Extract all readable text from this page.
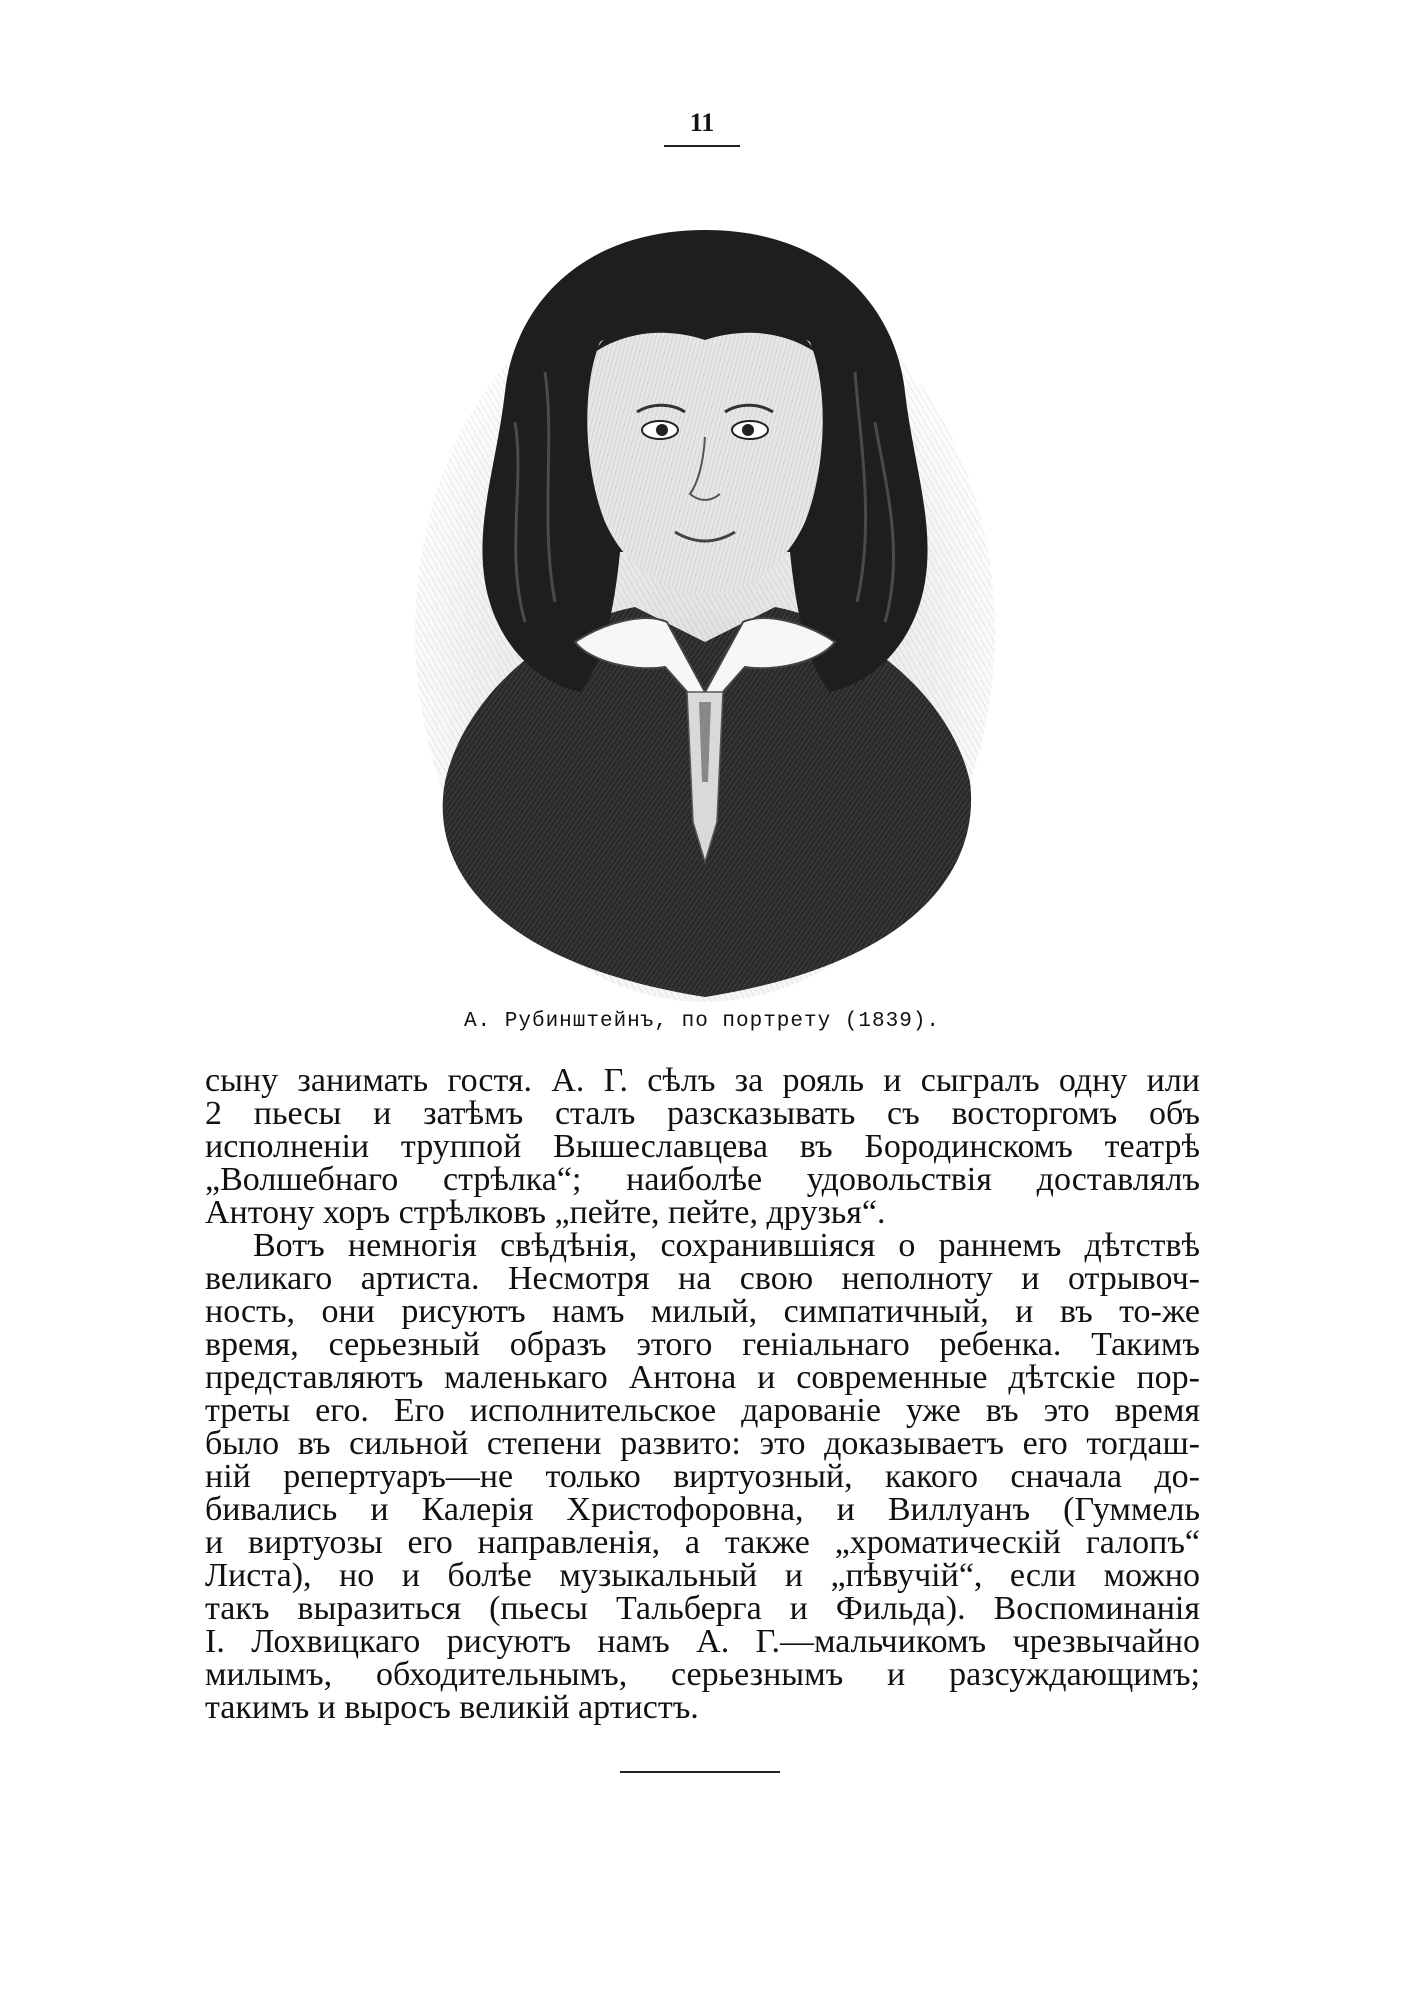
11
А. Рубинштейнъ, по портрету (1839).

сыну занимать гостя. А. Г. сѣлъ за рояль и сыгралъ одну или
2 пьесы и затѣмъ сталъ разсказывать съ восторгомъ объ
исполненіи труппой Вышеславцева въ Бородинскомъ театрѣ
„Волшебнаго стрѣлка“; наиболѣе удовольствія доставлялъ
Антону хоръ стрѣлковъ „пейте, пейте, друзья“.

Вотъ немногія свѣдѣнія, сохранившіяся о раннемъ дѣтствѣ
великаго артиста. Несмотря на свою неполноту и отрывоч-
ность, они рисуютъ намъ милый, симпатичный, и въ то-же
время, серьезный образъ этого геніальнаго ребенка. Такимъ
представляютъ маленькаго Антона и современные дѣтскіе пор-
треты его. Его исполнительское дарованіе уже въ это время
было въ сильной степени развито: это доказываетъ его тогдаш-
ній репертуаръ—не только виртуозный, какого сначала до-
бивались и Калерія Христофоровна, и Виллуанъ (Гуммель
и виртуозы его направленія, а также „хроматическій галопъ“
Листа), но и болѣе музыкальный и „пѣвучій“, если можно
такъ выразиться (пьесы Тальберга и Фильда). Воспоминанія
I. Лохвицкаго рисуютъ намъ А. Г.—мальчикомъ чрезвычайно
милымъ, обходительнымъ, серьезнымъ и разсуждающимъ;
такимъ и выросъ великій артистъ.
